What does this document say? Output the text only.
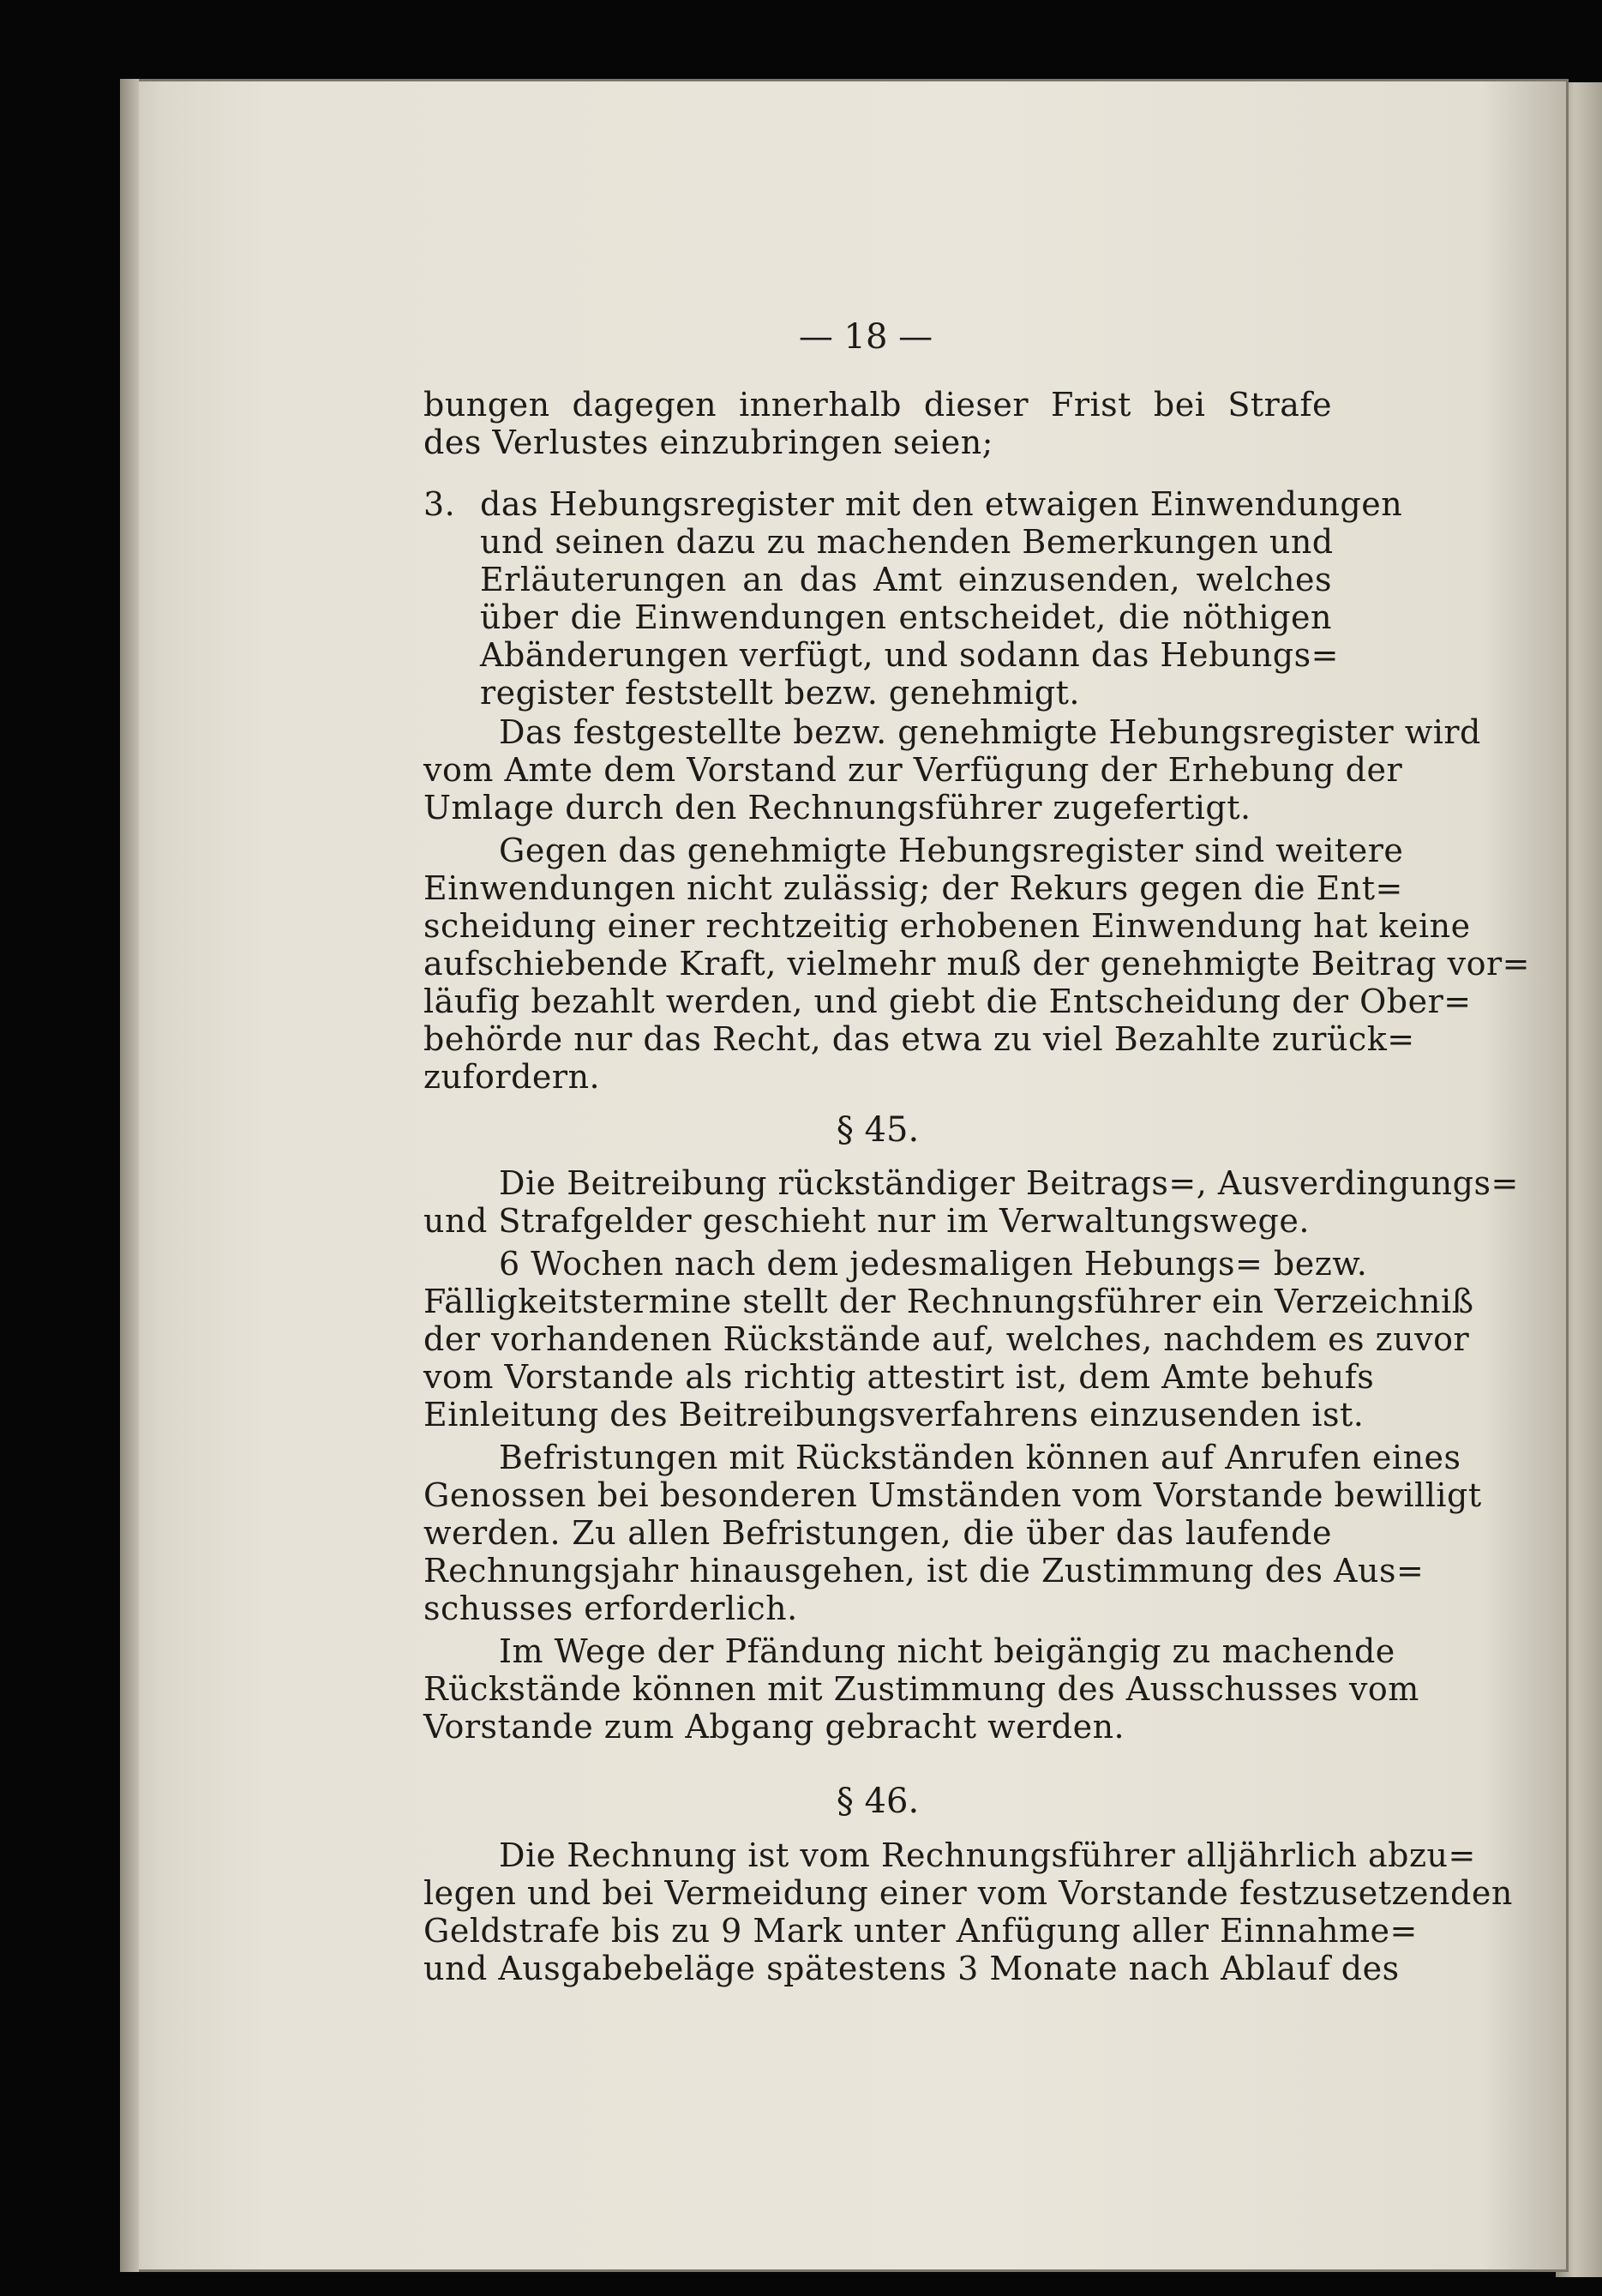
— 18 —

bungen dagegen innerhalb dieser Frist bei Strafe

des Verlustes einzubringen seien;

3. das Hebungsregister mit den etwaigen Einwendungen

und seinen dazu zu machenden Bemerkungen und

Erläuterungen an das Amt einzusenden, welches

über die Einwendungen entscheidet, die nöthigen

Abänderungen verfügt, und sodann das Hebungs=

register feststellt bezw. genehmigt.

Das festgestellte bezw. genehmigte Hebungsregister wird

vom Amte dem Vorstand zur Verfügung der Erhebung der

Umlage durch den Rechnungsführer zugefertigt.

Gegen das genehmigte Hebungsregister sind weitere

Einwendungen nicht zulässig; der Rekurs gegen die Ent=

scheidung einer rechtzeitig erhobenen Einwendung hat keine

aufschiebende Kraft, vielmehr muß der genehmigte Beitrag vor=

läufig bezahlt werden, und giebt die Entscheidung der Ober=

behörde nur das Recht, das etwa zu viel Bezahlte zurück=

zufordern.

§ 45.

Die Beitreibung rückständiger Beitrags=, Ausverdingungs=

und Strafgelder geschieht nur im Verwaltungswege.

6 Wochen nach dem jedesmaligen Hebungs= bezw.

Fälligkeitstermine stellt der Rechnungsführer ein Verzeichniß

der vorhandenen Rückstände auf, welches, nachdem es zuvor

vom Vorstande als richtig attestirt ist, dem Amte behufs

Einleitung des Beitreibungsverfahrens einzusenden ist.

Befristungen mit Rückständen können auf Anrufen eines

Genossen bei besonderen Umständen vom Vorstande bewilligt

werden. Zu allen Befristungen, die über das laufende

Rechnungsjahr hinausgehen, ist die Zustimmung des Aus=

schusses erforderlich.

Im Wege der Pfändung nicht beigängig zu machende

Rückstände können mit Zustimmung des Ausschusses vom

Vorstande zum Abgang gebracht werden.

§ 46.

Die Rechnung ist vom Rechnungsführer alljährlich abzu=

legen und bei Vermeidung einer vom Vorstande festzusetzenden

Geldstrafe bis zu 9 Mark unter Anfügung aller Einnahme=

und Ausgabebeläge spätestens 3 Monate nach Ablauf des
